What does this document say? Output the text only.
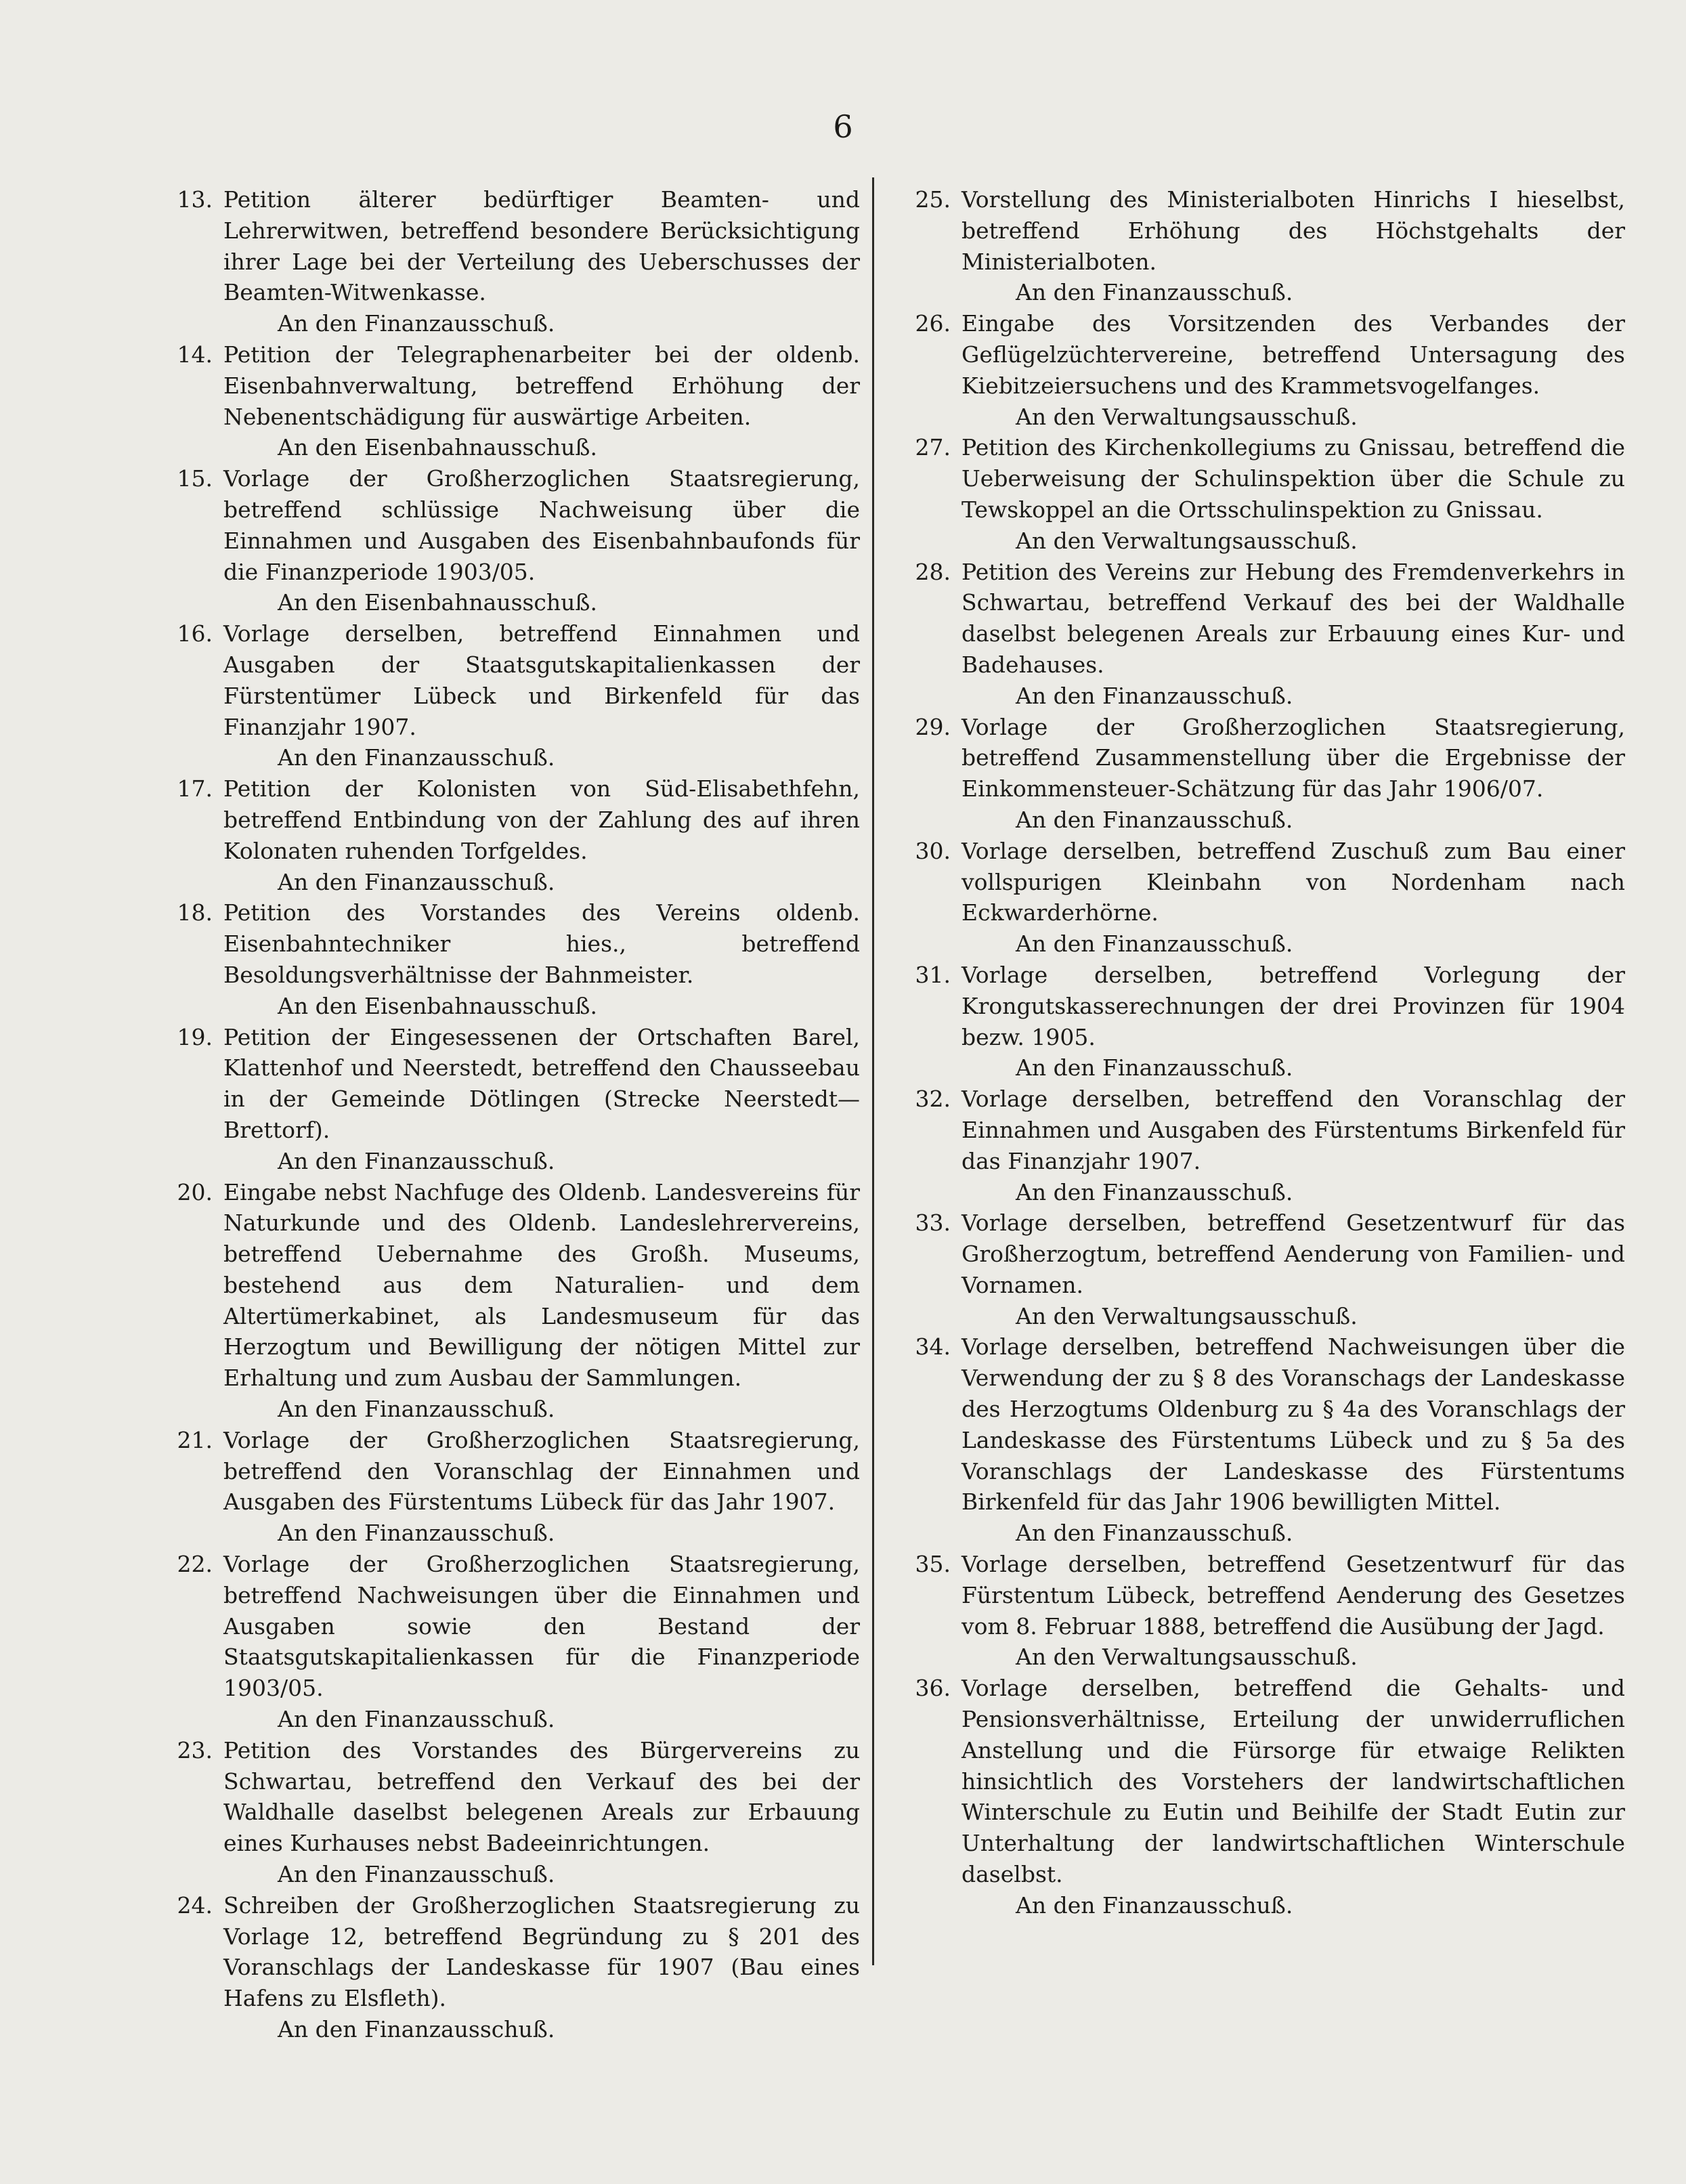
6
13. Petition älterer bedürftiger Beamten- und Lehrerwitwen, betreffend besondere Berücksichtigung ihrer Lage bei der Verteilung des Ueberschusses der Beamten-Witwenkasse.
An den Finanzausschuß.
14. Petition der Telegraphenarbeiter bei der oldenb. Eisenbahnverwaltung, betreffend Erhöhung der Nebenentschädigung für auswärtige Arbeiten.
An den Eisenbahnausschuß.
15. Vorlage der Großherzoglichen Staatsregierung, betreffend schlüssige Nachweisung über die Einnahmen und Ausgaben des Eisenbahnbaufonds für die Finanzperiode 1903/05.
An den Eisenbahnausschuß.
16. Vorlage derselben, betreffend Einnahmen und Ausgaben der Staatsgutskapitalienkassen der Fürstentümer Lübeck und Birkenfeld für das Finanzjahr 1907.
An den Finanzausschuß.
17. Petition der Kolonisten von Süd-Elisabethfehn, betreffend Entbindung von der Zahlung des auf ihren Kolonaten ruhenden Torfgeldes.
An den Finanzausschuß.
18. Petition des Vorstandes des Vereins oldenb. Eisenbahntechniker hies., betreffend Besoldungsverhältnisse der Bahnmeister.
An den Eisenbahnausschuß.
19. Petition der Eingesessenen der Ortschaften Barel, Klattenhof und Neerstedt, betreffend den Chausseebau in der Gemeinde Dötlingen (Strecke Neerstedt—Brettorf).
An den Finanzausschuß.
20. Eingabe nebst Nachfuge des Oldenb. Landesvereins für Naturkunde und des Oldenb. Landeslehrervereins, betreffend Uebernahme des Großh. Museums, bestehend aus dem Naturalien- und dem Altertümerkabinet, als Landesmuseum für das Herzogtum und Bewilligung der nötigen Mittel zur Erhaltung und zum Ausbau der Sammlungen.
An den Finanzausschuß.
21. Vorlage der Großherzoglichen Staatsregierung, betreffend den Voranschlag der Einnahmen und Ausgaben des Fürstentums Lübeck für das Jahr 1907.
An den Finanzausschuß.
22. Vorlage der Großherzoglichen Staatsregierung, betreffend Nachweisungen über die Einnahmen und Ausgaben sowie den Bestand der Staatsgutskapitalienkassen für die Finanzperiode 1903/05.
An den Finanzausschuß.
23. Petition des Vorstandes des Bürgervereins zu Schwartau, betreffend den Verkauf des bei der Waldhalle daselbst belegenen Areals zur Erbauung eines Kurhauses nebst Badeeinrichtungen.
An den Finanzausschuß.
24. Schreiben der Großherzoglichen Staatsregierung zu Vorlage 12, betreffend Begründung zu § 201 des Voranschlags der Landeskasse für 1907 (Bau eines Hafens zu Elsfleth).
An den Finanzausschuß.
25. Vorstellung des Ministerialboten Hinrichs I hieselbst, betreffend Erhöhung des Höchstgehalts der Ministerialboten.
An den Finanzausschuß.
26. Eingabe des Vorsitzenden des Verbandes der Geflügelzüchtervereine, betreffend Untersagung des Kiebitzeiersuchens und des Krammetsvogelfanges.
An den Verwaltungsausschuß.
27. Petition des Kirchenkollegiums zu Gnissau, betreffend die Ueberweisung der Schulinspektion über die Schule zu Tewskoppel an die Ortsschulinspektion zu Gnissau.
An den Verwaltungsausschuß.
28. Petition des Vereins zur Hebung des Fremdenverkehrs in Schwartau, betreffend Verkauf des bei der Waldhalle daselbst belegenen Areals zur Erbauung eines Kur- und Badehauses.
An den Finanzausschuß.
29. Vorlage der Großherzoglichen Staatsregierung, betreffend Zusammenstellung über die Ergebnisse der Einkommensteuer-Schätzung für das Jahr 1906/07.
An den Finanzausschuß.
30. Vorlage derselben, betreffend Zuschuß zum Bau einer vollspurigen Kleinbahn von Nordenham nach Eckwarderhörne.
An den Finanzausschuß.
31. Vorlage derselben, betreffend Vorlegung der Krongutskasserechnungen der drei Provinzen für 1904 bezw. 1905.
An den Finanzausschuß.
32. Vorlage derselben, betreffend den Voranschlag der Einnahmen und Ausgaben des Fürstentums Birkenfeld für das Finanzjahr 1907.
An den Finanzausschuß.
33. Vorlage derselben, betreffend Gesetzentwurf für das Großherzogtum, betreffend Aenderung von Familien- und Vornamen.
An den Verwaltungsausschuß.
34. Vorlage derselben, betreffend Nachweisungen über die Verwendung der zu § 8 des Voranschags der Landeskasse des Herzogtums Oldenburg zu § 4a des Voranschlags der Landeskasse des Fürstentums Lübeck und zu § 5a des Voranschlags der Landeskasse des Fürstentums Birkenfeld für das Jahr 1906 bewilligten Mittel.
An den Finanzausschuß.
35. Vorlage derselben, betreffend Gesetzentwurf für das Fürstentum Lübeck, betreffend Aenderung des Gesetzes vom 8. Februar 1888, betreffend die Ausübung der Jagd.
An den Verwaltungsausschuß.
36. Vorlage derselben, betreffend die Gehalts- und Pensionsverhältnisse, Erteilung der unwiderruflichen Anstellung und die Fürsorge für etwaige Relikten hinsichtlich des Vorstehers der landwirtschaftlichen Winterschule zu Eutin und Beihilfe der Stadt Eutin zur Unterhaltung der landwirtschaftlichen Winterschule daselbst.
An den Finanzausschuß.
